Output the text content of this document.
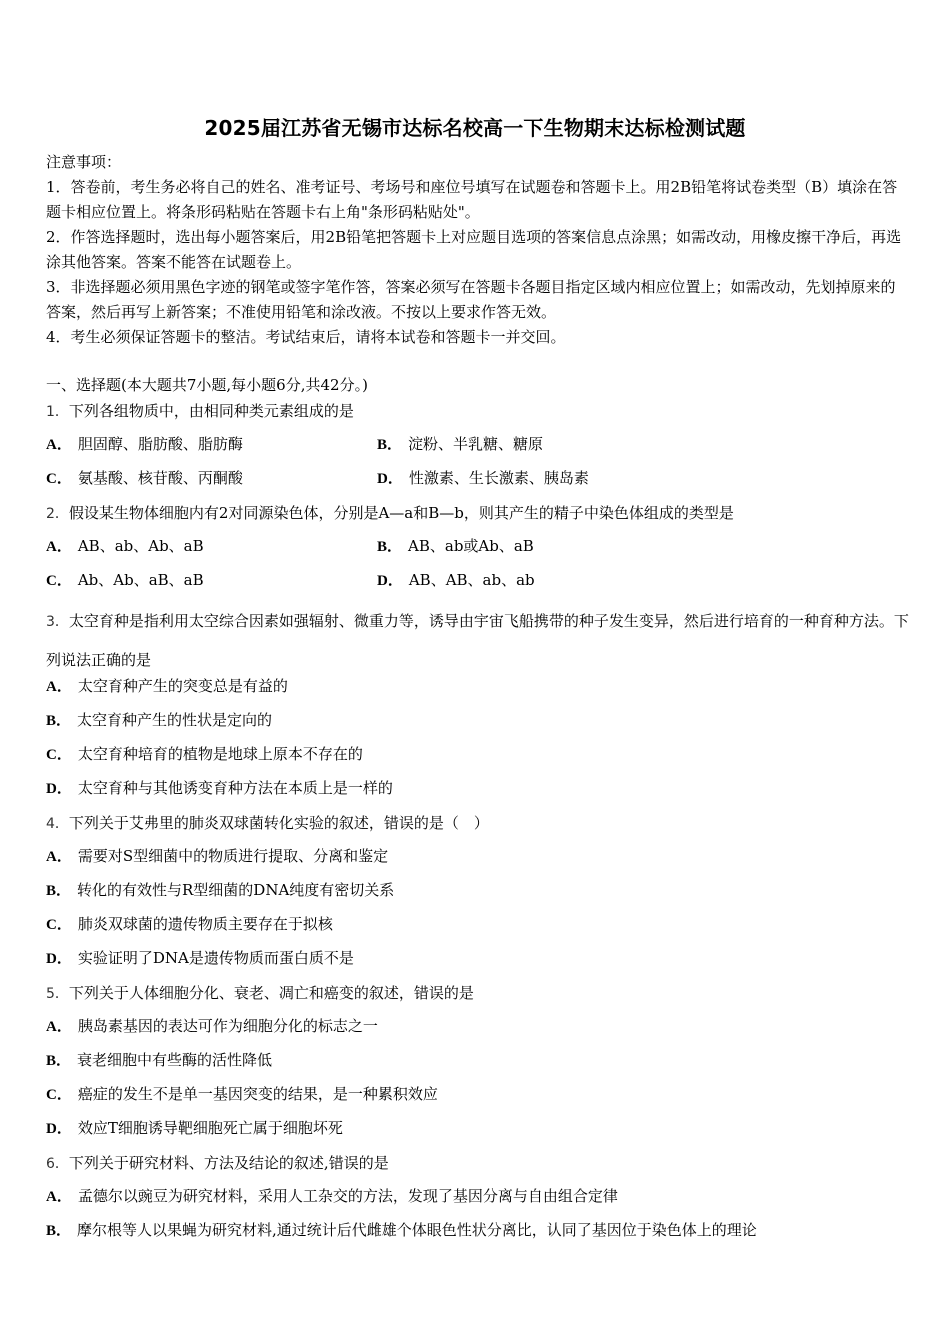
2025届江苏省无锡市达标名校高一下生物期末达标检测试题

注意事项：

1．答卷前，考生务必将自己的姓名、准考证号、考场号和座位号填写在试题卷和答题卡上。用2B铅笔将试卷类型（B）填涂在答题卡相应位置上。将条形码粘贴在答题卡右上角"条形码粘贴处"。

2．作答选择题时，选出每小题答案后，用2B铅笔把答题卡上对应题目选项的答案信息点涂黑；如需改动，用橡皮擦干净后，再选涂其他答案。答案不能答在试题卷上。

3．非选择题必须用黑色字迹的钢笔或签字笔作答，答案必须写在答题卡各题目指定区域内相应位置上；如需改动，先划掉原来的答案，然后再写上新答案；不准使用铅笔和涂改液。不按以上要求作答无效。

4．考生必须保证答题卡的整洁。考试结束后，请将本试卷和答题卡一并交回。

一、选择题(本大题共7小题,每小题6分,共42分。)
1．下列各组物质中，由相同种类元素组成的是
A． 胆固醇、脂肪酸、脂肪酶	B． 淀粉、半乳糖、糖原
C． 氨基酸、核苷酸、丙酮酸	D． 性激素、生长激素、胰岛素
2．假设某生物体细胞内有2对同源染色体，分别是A—a和B—b，则其产生的精子中染色体组成的类型是
A． AB、ab、Ab、aB	B． AB、ab或Ab、aB
C． Ab、Ab、aB、aB	D． AB、AB、ab、ab
3．太空育种是指利用太空综合因素如强辐射、微重力等，诱导由宇宙飞船携带的种子发生变异，然后进行培育的一种育种方法。下列说法正确的是
A． 太空育种产生的突变总是有益的
B． 太空育种产生的性状是定向的
C． 太空育种培育的植物是地球上原本不存在的
D． 太空育种与其他诱变育种方法在本质上是一样的
4．下列关于艾弗里的肺炎双球菌转化实验的叙述，错误的是（　）
A． 需要对S型细菌中的物质进行提取、分离和鉴定
B． 转化的有效性与R型细菌的DNA纯度有密切关系
C． 肺炎双球菌的遗传物质主要存在于拟核
D． 实验证明了DNA是遗传物质而蛋白质不是
5．下列关于人体细胞分化、衰老、凋亡和癌变的叙述，错误的是
A． 胰岛素基因的表达可作为细胞分化的标志之一
B． 衰老细胞中有些酶的活性降低
C． 癌症的发生不是单一基因突变的结果，是一种累积效应
D． 效应T细胞诱导靶细胞死亡属于细胞坏死
6．下列关于研究材料、方法及结论的叙述,错误的是
A． 孟德尔以豌豆为研究材料，采用人工杂交的方法，发现了基因分离与自由组合定律
B． 摩尔根等人以果蝇为研究材料,通过统计后代雌雄个体眼色性状分离比，认同了基因位于染色体上的理论
